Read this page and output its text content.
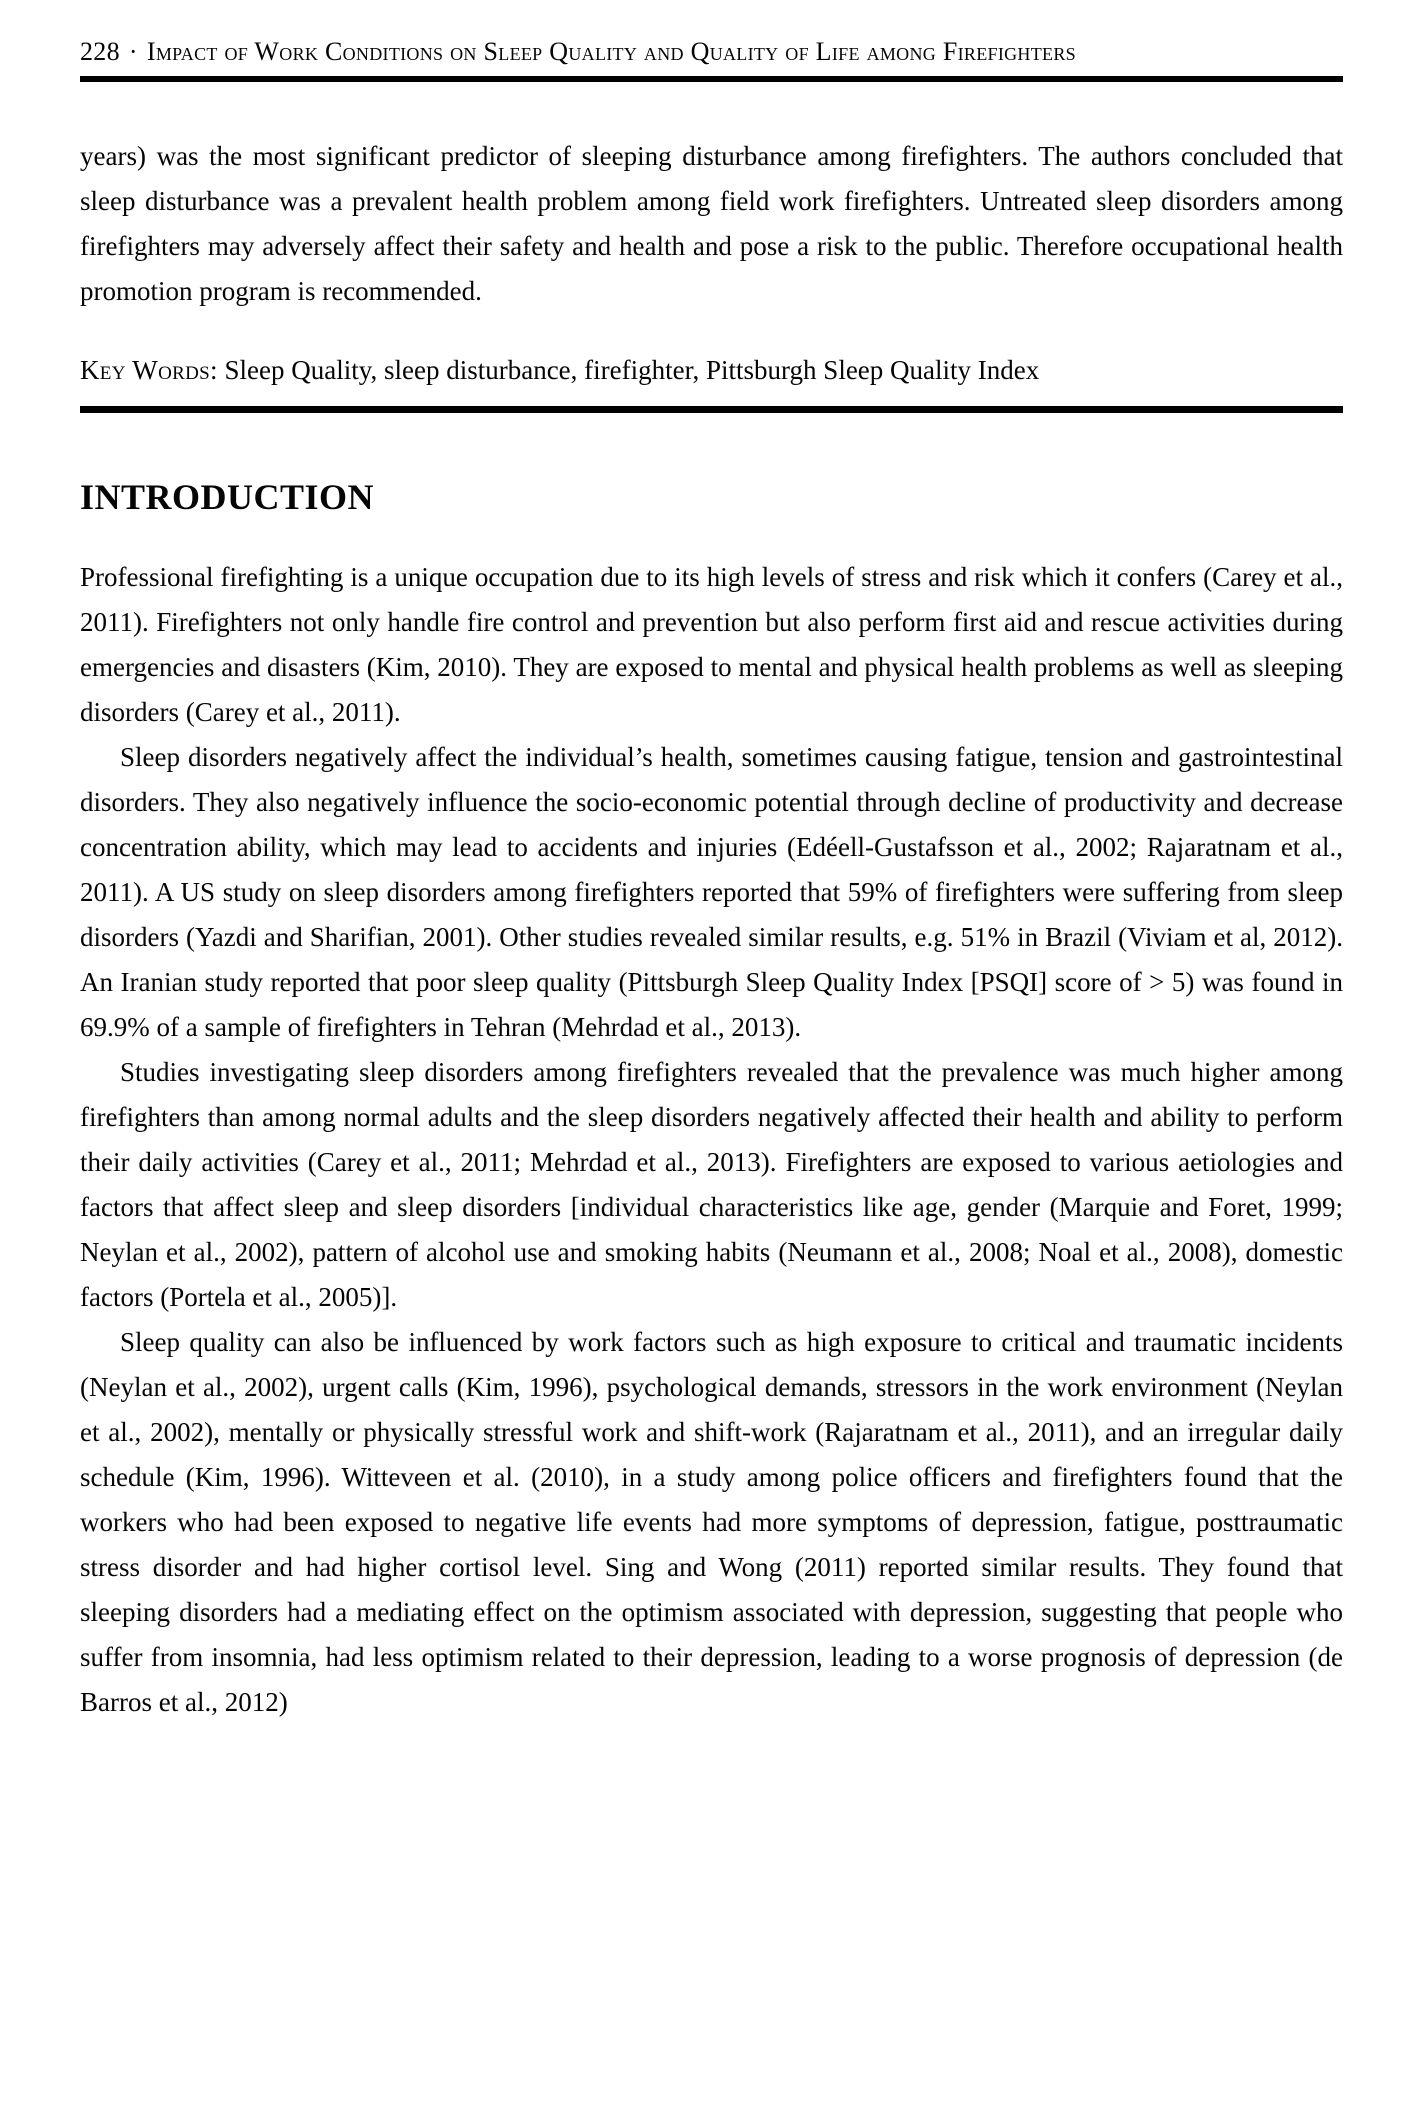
228 · Impact of Work Conditions on Sleep Quality and Quality of Life among Firefighters

years) was the most significant predictor of sleeping disturbance among firefighters. The authors concluded that sleep disturbance was a prevalent health problem among field work firefighters. Untreated sleep disorders among firefighters may adversely affect their safety and health and pose a risk to the public. Therefore occupational health promotion program is recommended.

Key Words: Sleep Quality, sleep disturbance, firefighter, Pittsburgh Sleep Quality Index

INTRODUCTION

Professional firefighting is a unique occupation due to its high levels of stress and risk which it confers (Carey et al., 2011). Firefighters not only handle fire control and prevention but also perform first aid and rescue activities during emergencies and disasters (Kim, 2010). They are exposed to mental and physical health problems as well as sleeping disorders (Carey et al., 2011).

Sleep disorders negatively affect the individual’s health, sometimes causing fatigue, tension and gastrointestinal disorders. They also negatively influence the socio-economic potential through decline of productivity and decrease concentration ability, which may lead to accidents and injuries (Edéell-Gustafsson et al., 2002; Rajaratnam et al., 2011). A US study on sleep disorders among firefighters reported that 59% of firefighters were suffering from sleep disorders (Yazdi and Sharifian, 2001). Other studies revealed similar results, e.g. 51% in Brazil (Viviam et al, 2012). An Iranian study reported that poor sleep quality (Pittsburgh Sleep Quality Index [PSQI] score of > 5) was found in 69.9% of a sample of firefighters in Tehran (Mehrdad et al., 2013).

Studies investigating sleep disorders among firefighters revealed that the prevalence was much higher among firefighters than among normal adults and the sleep disorders negatively affected their health and ability to perform their daily activities (Carey et al., 2011; Mehrdad et al., 2013). Firefighters are exposed to various aetiologies and factors that affect sleep and sleep disorders [individual characteristics like age, gender (Marquie and Foret, 1999; Neylan et al., 2002), pattern of alcohol use and smoking habits (Neumann et al., 2008; Noal et al., 2008), domestic factors (Portela et al., 2005)].

Sleep quality can also be influenced by work factors such as high exposure to critical and traumatic incidents (Neylan et al., 2002), urgent calls (Kim, 1996), psychological demands, stressors in the work environment (Neylan et al., 2002), mentally or physically stressful work and shift-work (Rajaratnam et al., 2011), and an irregular daily schedule (Kim, 1996). Witteveen et al. (2010), in a study among police officers and firefighters found that the workers who had been exposed to negative life events had more symptoms of depression, fatigue, posttraumatic stress disorder and had higher cortisol level. Sing and Wong (2011) reported similar results. They found that sleeping disorders had a mediating effect on the optimism associated with depression, suggesting that people who suffer from insomnia, had less optimism related to their depression, leading to a worse prognosis of depression (de Barros et al., 2012)
